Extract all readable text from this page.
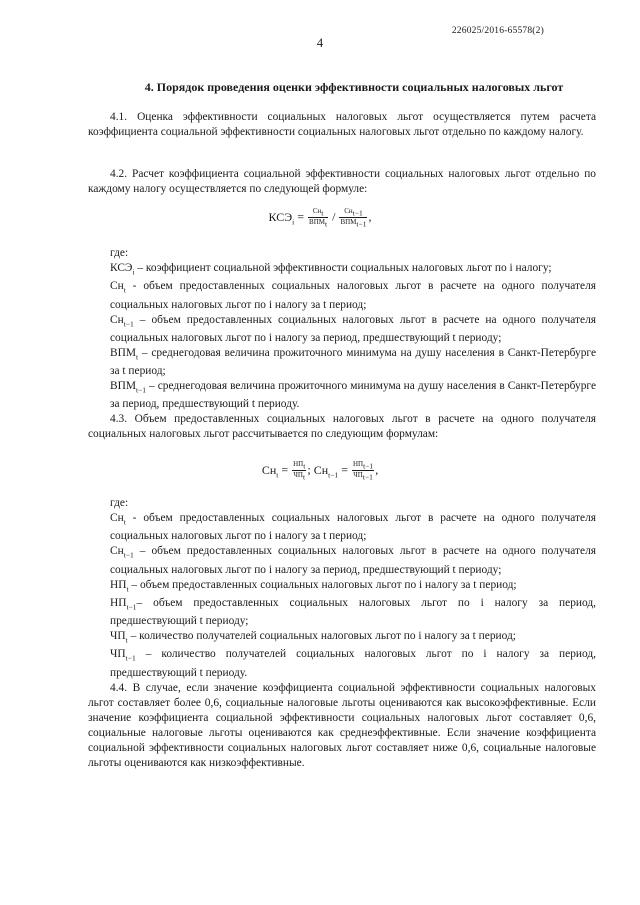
226025/2016-65578(2)
4
4. Порядок проведения оценки эффективности социальных налоговых льгот
4.1. Оценка эффективности социальных налоговых льгот осуществляется путем расчета коэффициента социальной эффективности социальных налоговых льгот отдельно по каждому налогу.
4.2. Расчет коэффициента социальной эффективности социальных налоговых льгот отдельно по каждому налогу осуществляется по следующей формуле:
$КСЭ_i = \frac{Сн_t}{ВПМ_t} / \frac{Сн_{t-1}}{ВПМ_{t-1}}$ ,
где:
$КСЭ_i$ – коэффициент социальной эффективности социальных налоговых льгот по i налогу;
$Сн_t$ - объем предоставленных социальных налоговых льгот в расчете на одного получателя социальных налоговых льгот по i налогу за t период;
$Сн_{t-1}$ – объем предоставленных социальных налоговых льгот в расчете на одного получателя социальных налоговых льгот по i налогу за период, предшествующий t периоду;
$ВПМ_t$ – среднегодовая величина прожиточного минимума на душу населения в Санкт-Петербурге за t период;
$ВПМ_{t-1}$ – среднегодовая величина прожиточного минимума на душу населения в Санкт-Петербурге за период, предшествующий t периоду.
4.3. Объем предоставленных социальных налоговых льгот в расчете на одного получателя социальных налоговых льгот рассчитывается по следующим формулам:
$Сн_t = \frac{НП_t}{ЧП_t}$ ; $Сн_{t-1} = \frac{НП_{t-1}}{ЧП_{t-1}}$ ,
где:
$Сн_t$ - объем предоставленных социальных налоговых льгот в расчете на одного получателя социальных налоговых льгот по i налогу за t период;
$Сн_{t-1}$ – объем предоставленных социальных налоговых льгот в расчете на одного получателя социальных налоговых льгот по i налогу за период, предшествующий t периоду;
$НП_t$ – объем предоставленных социальных налоговых льгот по i налогу за t период;
$НП_{t-1}-$ объем предоставленных социальных налоговых льгот по i налогу за период, предшествующий t периоду;
$ЧП_t$ – количество получателей социальных налоговых льгот по i налогу за t период;
$ЧП_{t-1}$ – количество получателей социальных налоговых льгот по i налогу за период, предшествующий t периоду.
4.4. В случае, если значение коэффициента социальной эффективности социальных налоговых льгот составляет более 0,6, социальные налоговые льготы оцениваются как высокоэффективные. Если значение коэффициента социальной эффективности социальных налоговых льгот составляет 0,6, социальные налоговые льготы оцениваются как среднеэффективные. Если значение коэффициента социальной эффективности социальных налоговых льгот составляет ниже 0,6, социальные налоговые льготы оцениваются как низкоэффективные.
